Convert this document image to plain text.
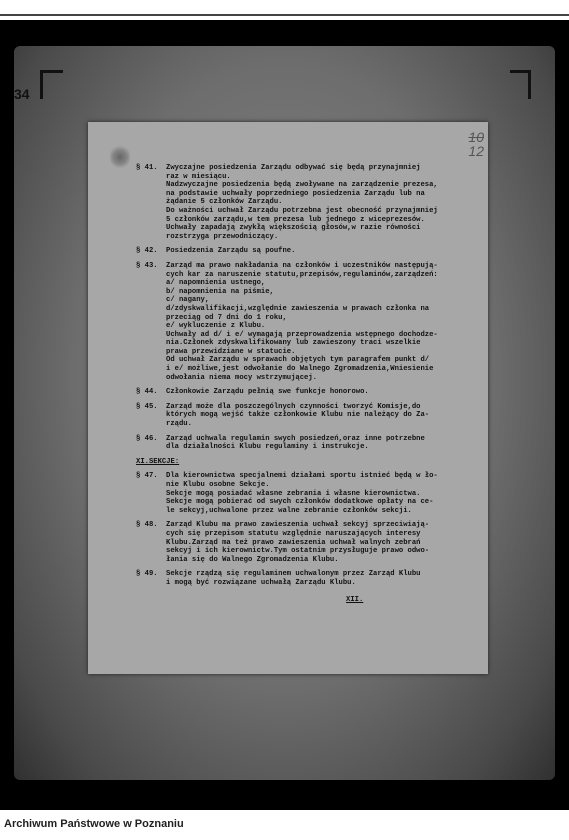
34
10
12
§ 41.	Zwyczajne posiedzenia Zarządu odbywać się będą przynajmniej
raz w miesiącu.
Nadzwyczajne posiedzenia będą zwoływane na zarządzenie prezesa,
na podstawie uchwały poprzedniego posiedzenia Zarządu lub na
żądanie 5 członków Zarządu.
Do ważności uchwał Zarządu potrzebna jest obecność przynajmniej
5 członków zarządu,w tem prezesa lub jednego z wiceprezesów.
Uchwały zapadają zwykłą większością głosów,w razie równości
rozstrzyga przewodniczący.
§ 42.	Posiedzenia Zarządu są poufne.
§ 43.	Zarząd ma prawo nakładania na członków i uczestników następują-
cych kar za naruszenie statutu,przepisów,regulaminów,zarządzeń:
a/ napomnienia ustnego,
b/ napomnienia na piśmie,
c/ nagany,
d/zdyskwalifikacji,względnie zawieszenia w prawach członka na
przeciąg od 7 dni do 1 roku,
e/ wykluczenie z Klubu.
Uchwały ad d/ i e/ wymagają przeprowadzenia wstępnego dochodze-
nia.Członek zdyskwalifikowany lub zawieszony traci wszelkie
prawa przewidziane w statucie.
Od uchwał Zarządu w sprawach objętych tym paragrafem punkt d/
i e/ możliwe,jest odwołanie do Walnego Zgromadzenia,Wniesienie
odwołania niema mocy wstrzymującej.
§ 44.	Członkowie Zarządu pełnią swe funkcje honorowo.
§ 45.	Zarząd może dla poszczególnych czynności tworzyć Komisje,do
których mogą wejść także członkowie Klubu nie należący do Za-
rządu.
§ 46.	Zarząd uchwala regulamin swych posiedzeń,oraz inne potrzebne
dla działalności Klubu regulaminy i instrukcje.
XI.SEKCJE:
§ 47.	Dla kierownictwa specjalnemi działami sportu istnieć będą w ło-
nie Klubu osobne Sekcje.
Sekcje mogą posiadać własne zebrania i własne kierownictwa.
Sekcje mogą pobierać od swych członków dodatkowe opłaty na ce-
le sekcyj,uchwalone przez walne zebranie członków sekcji.
§ 48.	Zarząd Klubu ma prawo zawieszenia uchwał sekcyj sprzeciwiają-
cych się przepisom statutu względnie naruszających interesy
Klubu.Zarząd ma też prawo zawieszenia uchwał walnych zebrań
sekcyj i ich kierownictw.Tym ostatnim przysługuje prawo odwo-
łania się do Walnego Zgromadzenia Klubu.
§ 49.	Sekcje rządzą się regulaminem uchwalonym przez Zarząd Klubu
i mogą być rozwiązane uchwałą Zarządu Klubu.
XII.
Archiwum Państwowe w Poznaniu
